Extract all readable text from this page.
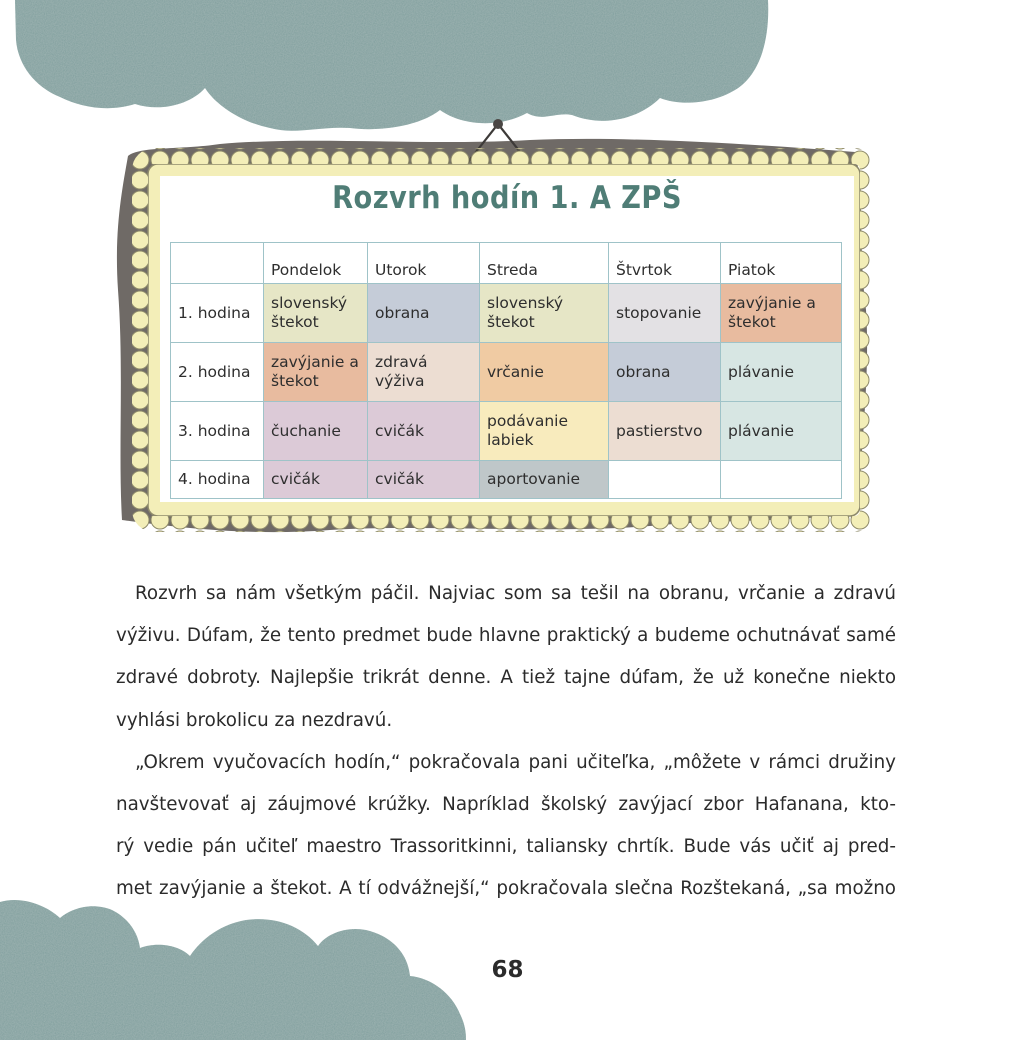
Rozvrh hodín 1. A ZPŠ
	Pondelok	Utorok	Streda	Štvrtok	Piatok
1. hodina	slovenský štekot	obrana	slovenský štekot	stopovanie	zavýjanie a štekot
2. hodina	zavýjanie a štekot	zdravá výživa	vrčanie	obrana	plávanie
3. hodina	čuchanie	cvičák	podávanie labiek	pastierstvo	plávanie
4. hodina	cvičák	cvičák	aportovanie		

Rozvrh sa nám všetkým páčil. Najviac som sa tešil na obranu, vrčanie a zdravú

výživu. Dúfam, že tento predmet bude hlavne praktický a budeme ochutnávať samé

zdravé dobroty. Najlepšie trikrát denne. A tiež tajne dúfam, že už konečne niekto

vyhlási brokolicu za nezdravú.

„Okrem vyučovacích hodín,“ pokračovala pani učiteľka, „môžete v rámci družiny

navštevovať aj záujmové krúžky. Napríklad školský zavýjací zbor Hafanana, kto-

rý vedie pán učiteľ maestro Trassoritkinni, taliansky chrtík. Bude vás učiť aj pred-

met zavýjanie a štekot. A tí odvážnejší,“ pokračovala slečna Rozštekaná, „sa možno

68
